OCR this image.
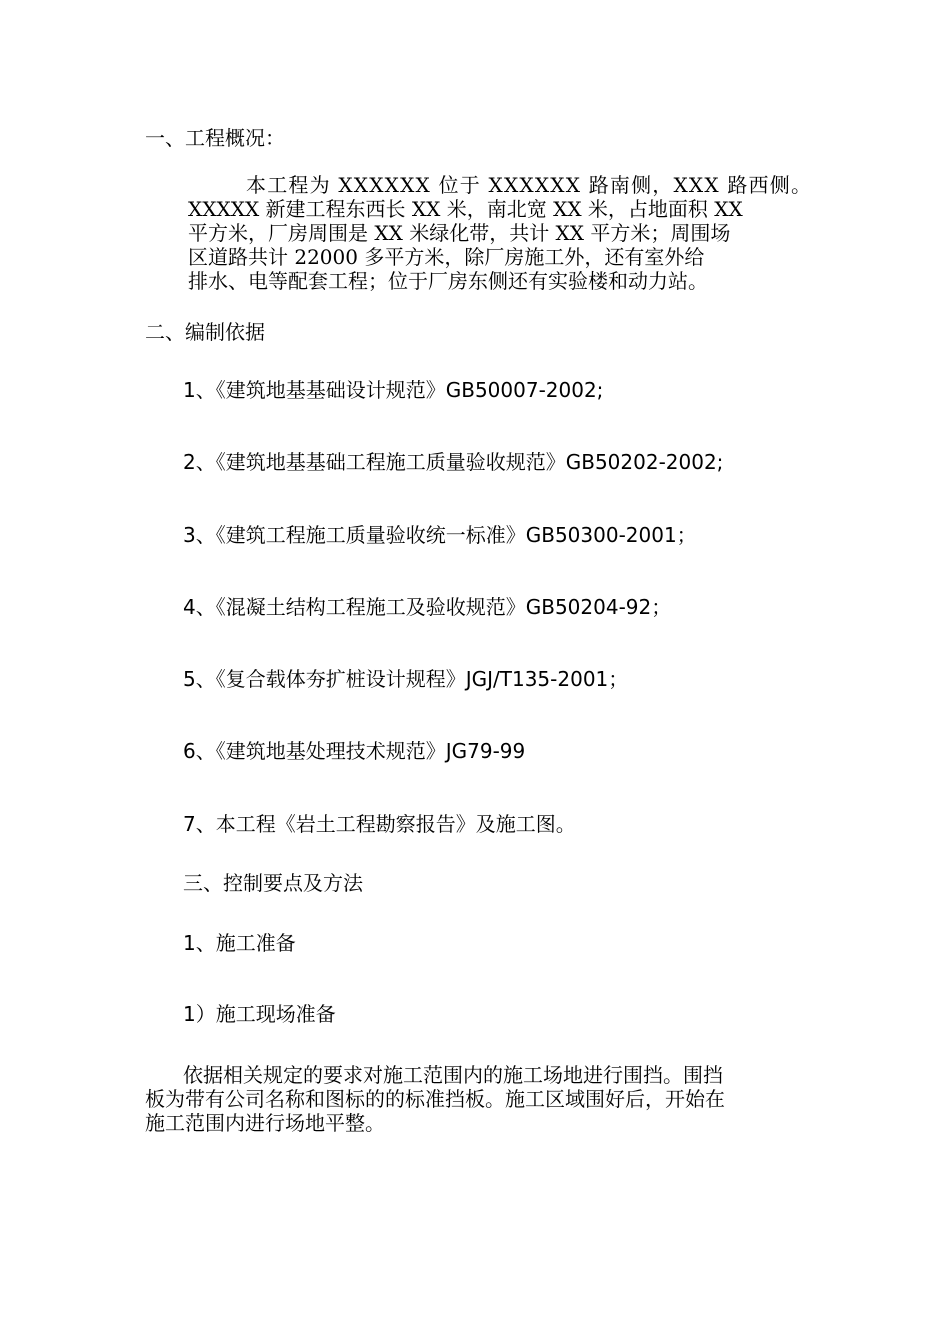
一、工程概况：
本工程为 XXXXXX 位于 XXXXXX 路南侧，XXX 路西侧。
XXXXX 新建工程东西长 XX 米，南北宽 XX 米，占地面积 XX
平方米，厂房周围是 XX 米绿化带，共计 XX 平方米；周围场
区道路共计 22000 多平方米，除厂房施工外，还有室外给
排水、电等配套工程；位于厂房东侧还有实验楼和动力站。
二、编制依据
1、《建筑地基基础设计规范》GB50007-2002;
2、《建筑地基基础工程施工质量验收规范》GB50202-2002;
3、《建筑工程施工质量验收统一标准》GB50300-2001；
4、《混凝土结构工程施工及验收规范》GB50204-92；
5、《复合载体夯扩桩设计规程》JGJ/T135-2001；
6、《建筑地基处理技术规范》JG79-99
7、本工程《岩土工程勘察报告》及施工图。
三、控制要点及方法
1、施工准备
1）施工现场准备
依据相关规定的要求对施工范围内的施工场地进行围挡。围挡
板为带有公司名称和图标的的标准挡板。施工区域围好后，开始在
施工范围内进行场地平整。
